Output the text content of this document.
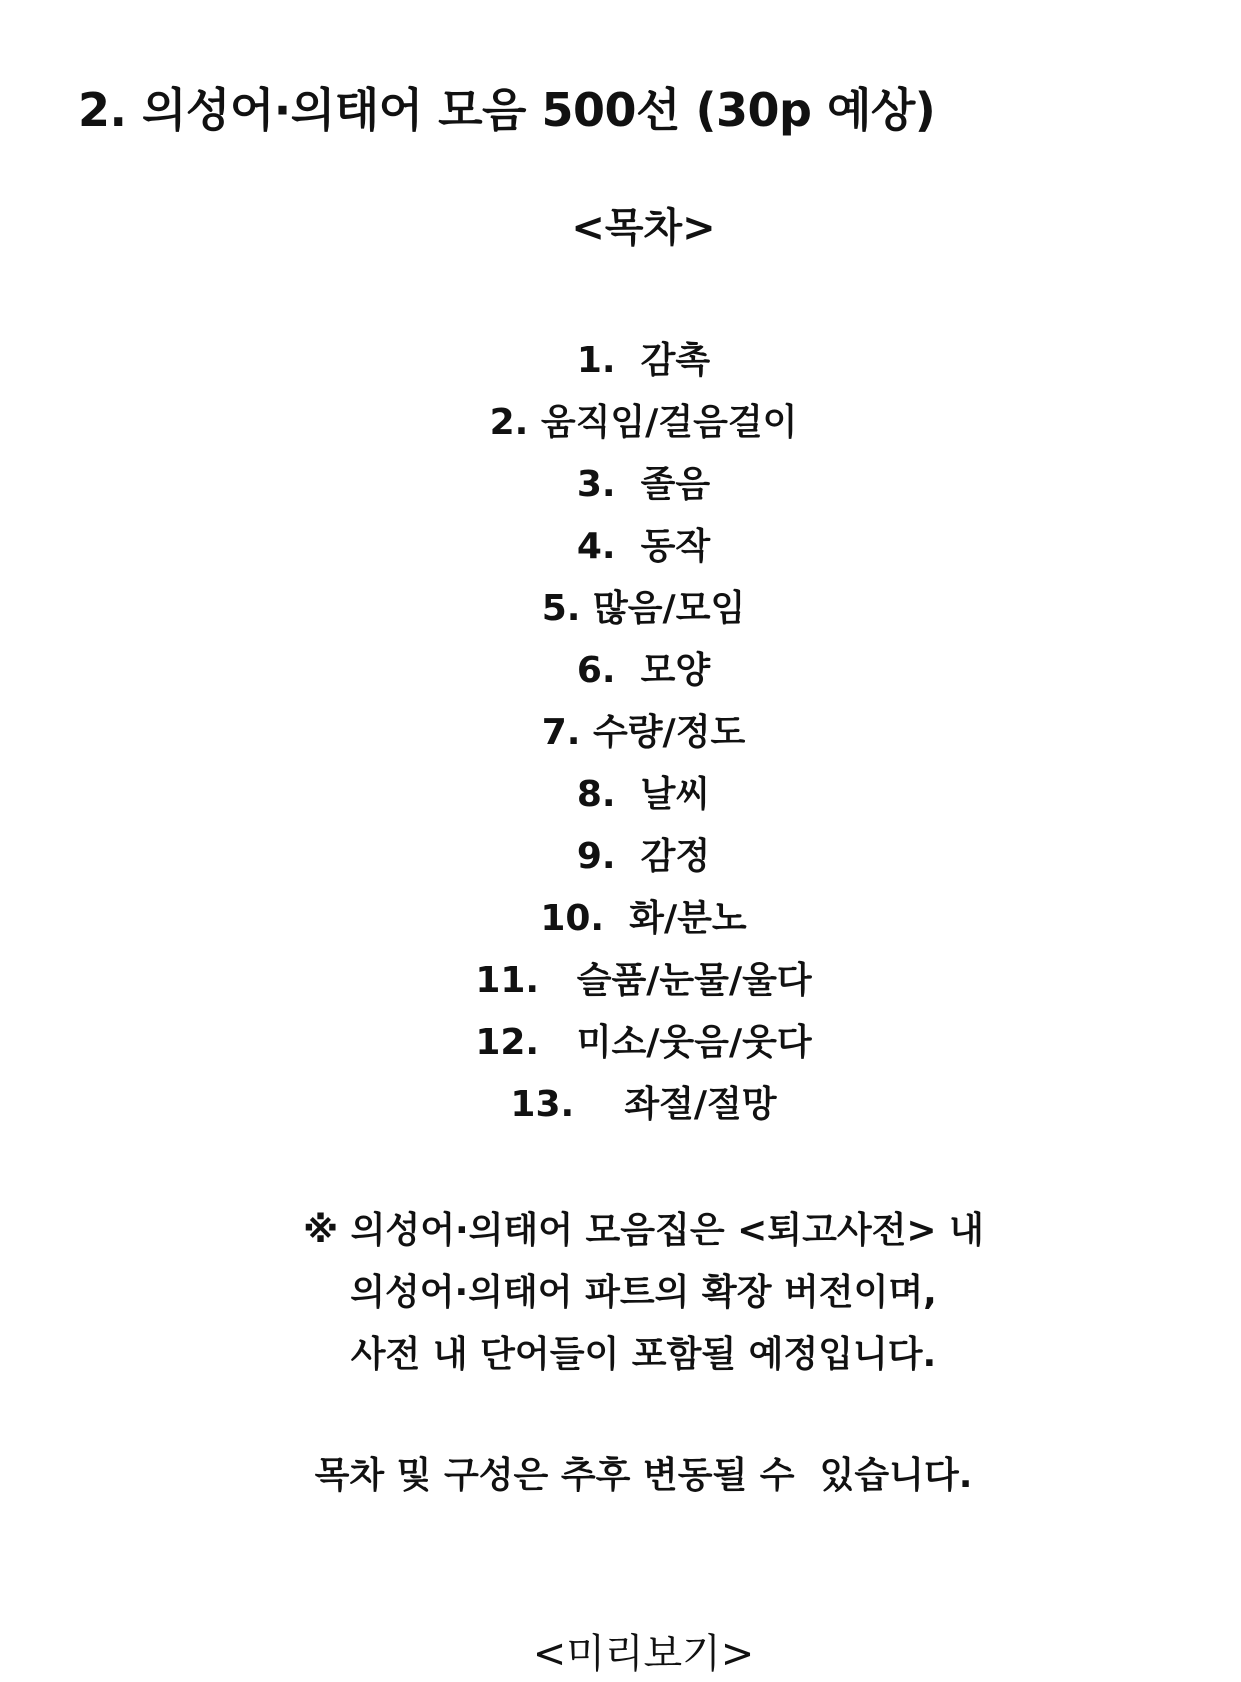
2. 의성어·의태어 모음 500선 (30p 예상)
<목차>
1.  감촉
2. 움직임/걸음걸이
3.  졸음
4.  동작
5. 많음/모임
6.  모양
7. 수량/정도
8.  날씨
9.  감정
10.  화/분노
11.   슬품/눈물/울다
12.   미소/웃음/웃다
13.    좌절/절망

※ 의성어·의태어 모음집은 <퇴고사전> 내
의성어·의태어 파트의 확장 버전이며,
사전 내 단어들이 포함될 예정입니다.

목차 및 구성은 추후 변동될 수  있습니다.

<미리보기>
